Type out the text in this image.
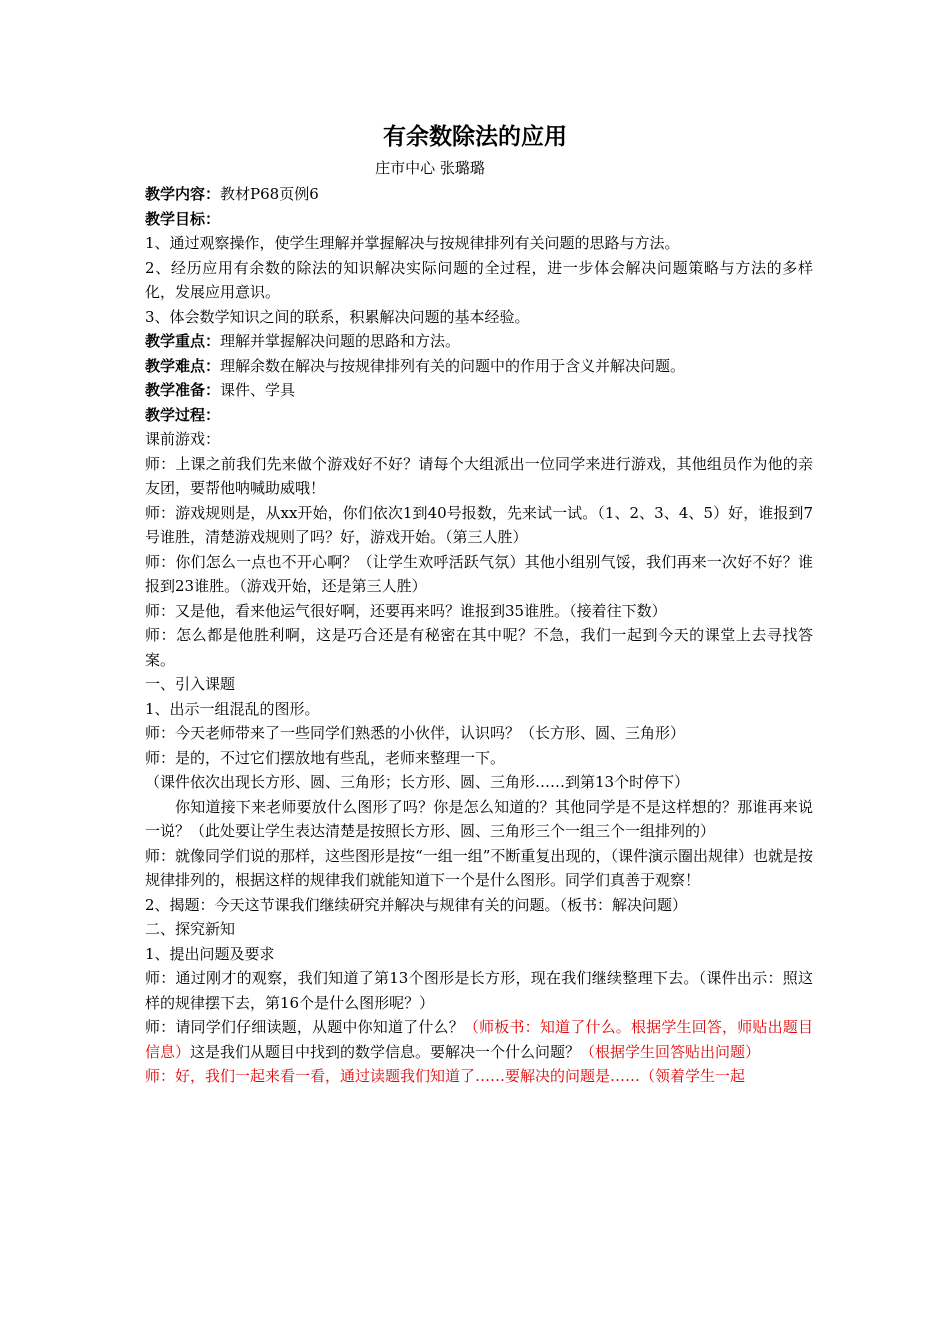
有余数除法的应用
庄市中心 张璐璐

教学内容：教材P68页例6

教学目标：

1、通过观察操作，使学生理解并掌握解决与按规律排列有关问题的思路与方法。

2、经历应用有余数的除法的知识解决实际问题的全过程，进一步体会解决问题策略与方法的多样化，发展应用意识。

3、体会数学知识之间的联系，积累解决问题的基本经验。

教学重点：理解并掌握解决问题的思路和方法。

教学难点：理解余数在解决与按规律排列有关的问题中的作用于含义并解决问题。

教学准备：课件、学具

教学过程：

课前游戏：

师：上课之前我们先来做个游戏好不好？请每个大组派出一位同学来进行游戏，其他组员作为他的亲友团，要帮他呐喊助威哦！

师：游戏规则是，从xx开始，你们依次1到40号报数，先来试一试。（1、2、3、4、5）好，谁报到7号谁胜，清楚游戏规则了吗？好，游戏开始。（第三人胜）

师：你们怎么一点也不开心啊？（让学生欢呼活跃气氛）其他小组别气馁，我们再来一次好不好？谁报到23谁胜。（游戏开始，还是第三人胜）

师：又是他，看来他运气很好啊，还要再来吗？谁报到35谁胜。（接着往下数）

师：怎么都是他胜利啊，这是巧合还是有秘密在其中呢？不急，我们一起到今天的课堂上去寻找答案。

一、引入课题

1、出示一组混乱的图形。

师：今天老师带来了一些同学们熟悉的小伙伴，认识吗？（长方形、圆、三角形）

师：是的，不过它们摆放地有些乱，老师来整理一下。

（课件依次出现长方形、圆、三角形；长方形、圆、三角形……到第13个时停下）

你知道接下来老师要放什么图形了吗？你是怎么知道的？其他同学是不是这样想的？那谁再来说一说？（此处要让学生表达清楚是按照长方形、圆、三角形三个一组三个一组排列的）

师：就像同学们说的那样，这些图形是按“一组一组”不断重复出现的，（课件演示圈出规律）也就是按规律排列的，根据这样的规律我们就能知道下一个是什么图形。同学们真善于观察！

2、揭题：今天这节课我们继续研究并解决与规律有关的问题。（板书：解决问题）

二、探究新知

1、提出问题及要求

师：通过刚才的观察，我们知道了第13个图形是长方形，现在我们继续整理下去。（课件出示：照这样的规律摆下去，第16个是什么图形呢？）

师：请同学们仔细读题，从题中你知道了什么？（师板书：知道了什么。根据学生回答，师贴出题目信息）这是我们从题目中找到的数学信息。要解决一个什么问题？（根据学生回答贴出问题）

师：好，我们一起来看一看，通过读题我们知道了……要解决的问题是……（领着学生一起
